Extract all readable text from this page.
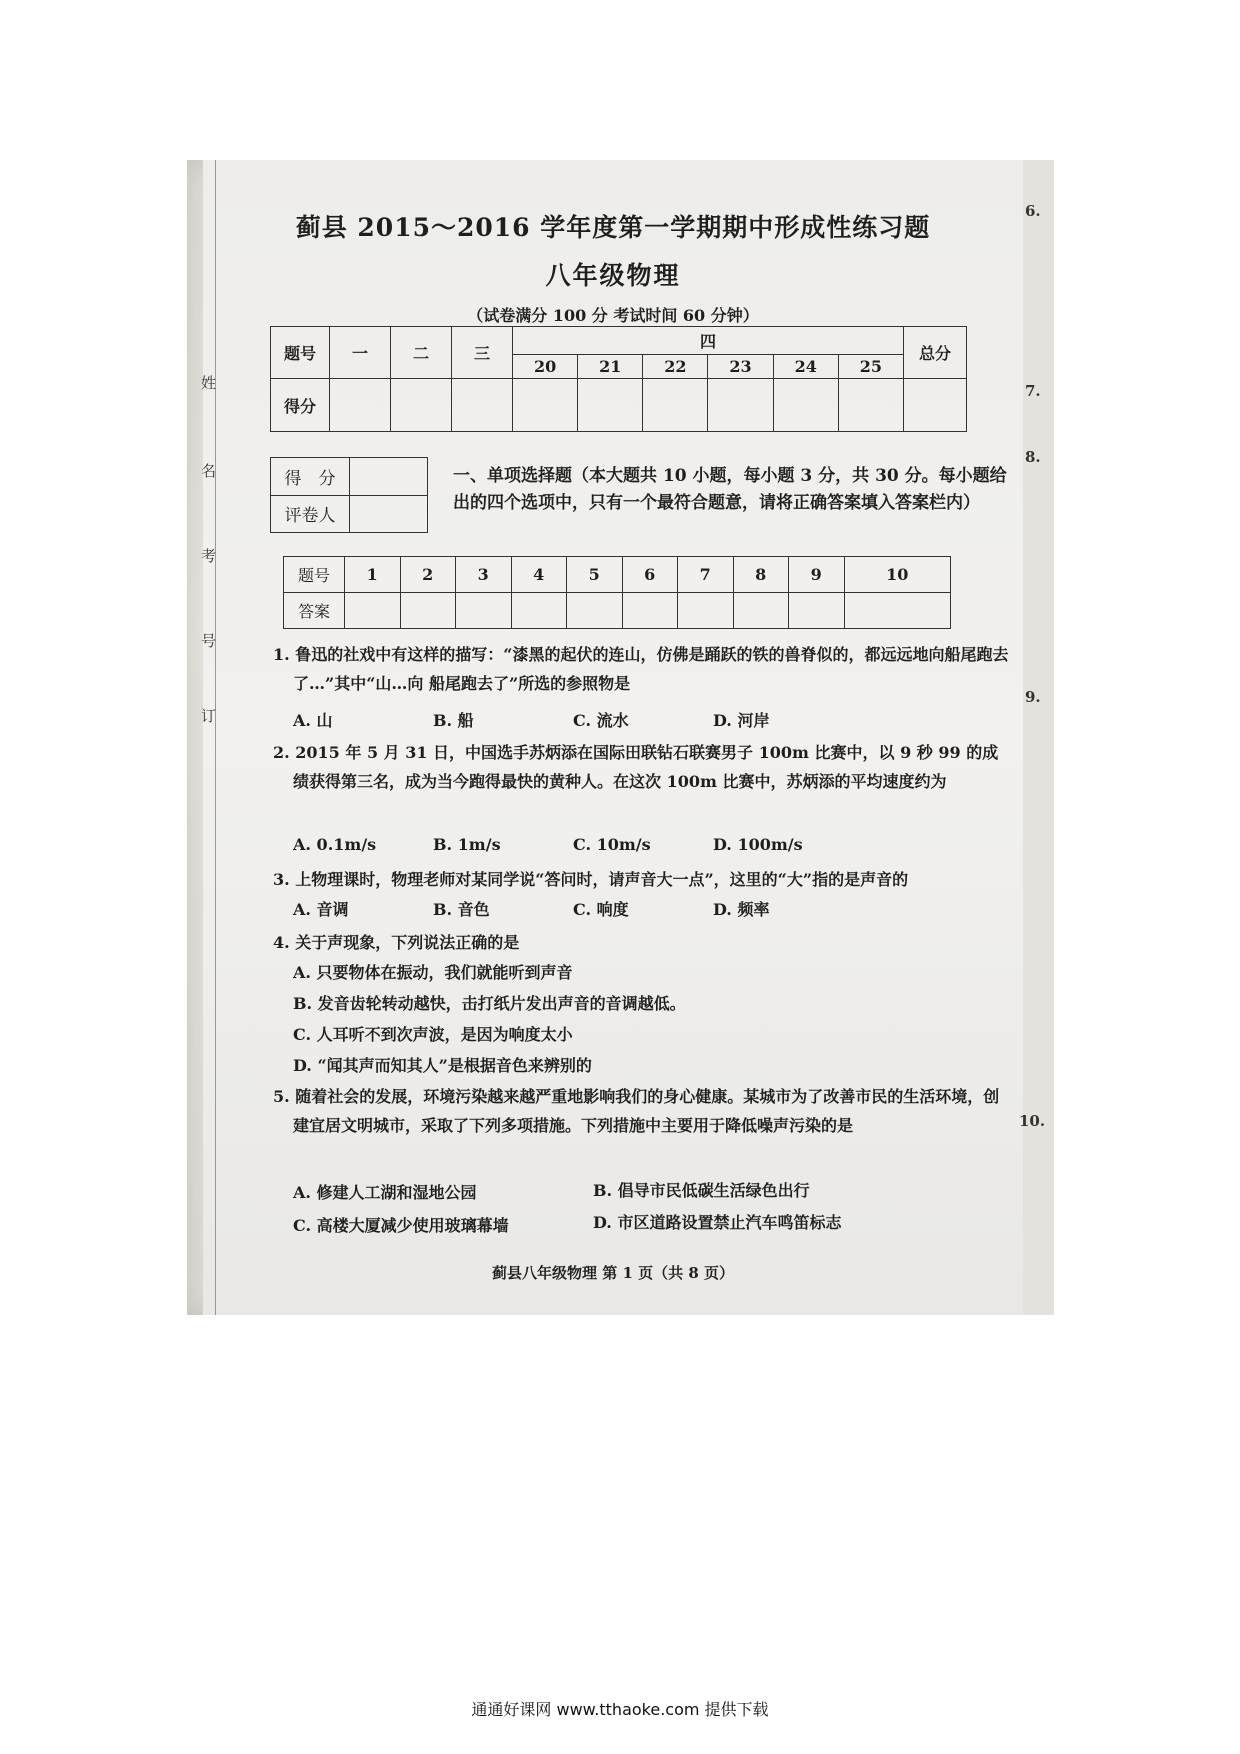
姓
名
考
号
订
蓟县 2015～2016 学年度第一学期期中形成性练习题
八年级物理
（试卷满分 100 分 考试时间 60 分钟）
题号	一	二	三	四						总分
				20	21	22	23	24	25	
得分										
得　分	
评卷人	
一、单项选择题（本大题共 10 小题，每小题 3 分，共 30 分。每小题给出的四个选项中，只有一个最符合题意，请将正确答案填入答案栏内）
题号	1	2	3	4	5	6	7	8	9	10
答案										
1. 鲁迅的社戏中有这样的描写：“漆黑的起伏的连山，仿佛是踊跃的铁的兽脊似的，都远远地向船尾跑去了…”其中“山…向 船尾跑去了”所选的参照物是
A. 山	B. 船	C. 流水	D. 河岸
2. 2015 年 5 月 31 日，中国选手苏炳添在国际田联钻石联赛男子 100m 比赛中，以 9 秒 99 的成绩获得第三名，成为当今跑得最快的黄种人。在这次 100m 比赛中，苏炳添的平均速度约为
A. 0.1m/s	B. 1m/s	C. 10m/s	D. 100m/s
3. 上物理课时，物理老师对某同学说“答问时，请声音大一点”，这里的“大”指的是声音的
A. 音调	B. 音色	C. 响度	D. 频率
4. 关于声现象，下列说法正确的是
A. 只要物体在振动，我们就能听到声音
B. 发音齿轮转动越快，击打纸片发出声音的音调越低。
C. 人耳听不到次声波，是因为响度太小
D. “闻其声而知其人”是根据音色来辨别的
5. 随着社会的发展，环境污染越来越严重地影响我们的身心健康。某城市为了改善市民的生活环境，创建宜居文明城市，采取了下列多项措施。下列措施中主要用于降低噪声污染的是
A. 修建人工湖和湿地公园	B. 倡导市民低碳生活绿色出行
C. 高楼大厦减少使用玻璃幕墙	D. 市区道路设置禁止汽车鸣笛标志
蓟县八年级物理 第 1 页（共 8 页）
6.
7.
8.
9.
10.
通通好课网 www.tthaoke.com 提供下载
